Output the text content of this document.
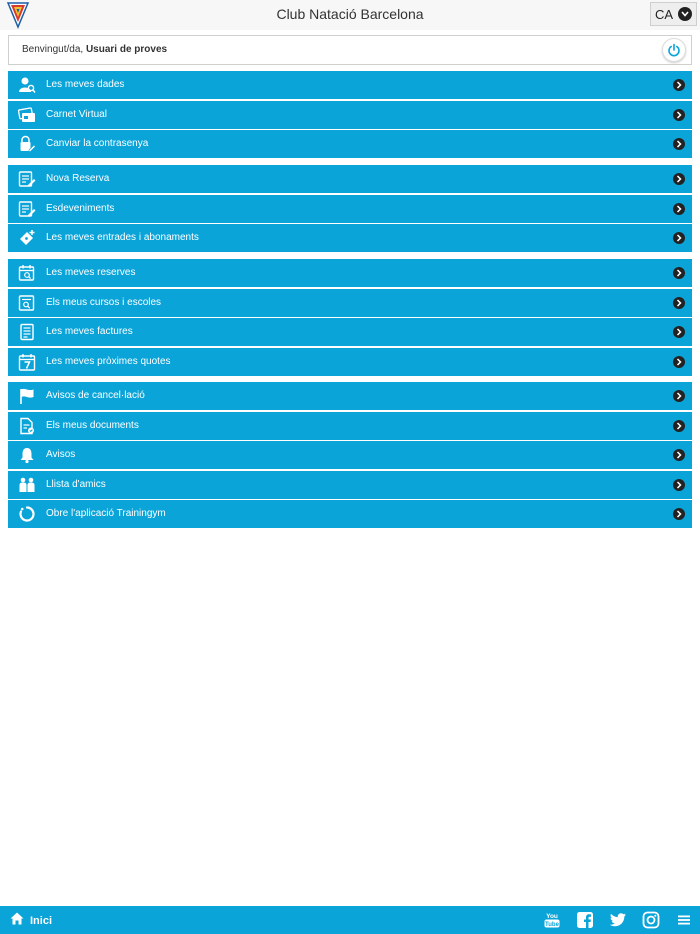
Club Natació Barcelona	CA
Benvingut/da, Usuari de proves
Les meves dades
Carnet Virtual
Canviar la contrasenya
Nova Reserva
Esdeveniments
Les meves entrades i abonaments
Les meves reserves
Els meus cursos i escoles
Les meves factures
Les meves pròximes quotes
Avisos de cancel·lació
Els meus documents
Avisos
Llista d'amics
Obre l'aplicació Trainingym
Inici	You
Tube
